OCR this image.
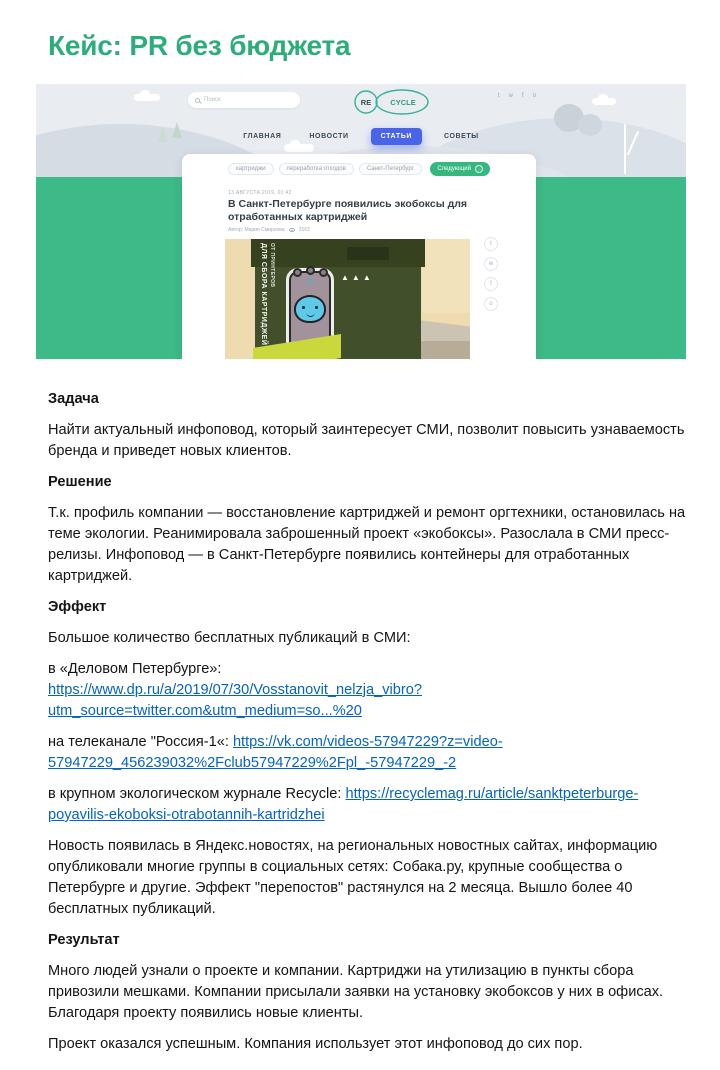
Кейс: PR без бюджета
Поиск	RE	CYCLE
t w f o
ГЛАВНАЯ	НОВОСТИ	СТАТЬИ	СОВЕТЫ
картриджи	переработка отходов	Санкт-Петербург	Следующий	→
13 АВГУСТА 2019, 01:42
В Санкт-Петербурге появились экобоксы для отработанных картриджей
Автор: Мария Смирнова	3163
ДЛЯ СБОРА КАРТРИДЖЕЙ ОТ ПРИНТЕРОВ	▲▲▲
C
t
w
f
o
Задача

Найти актуальный инфоповод, который заинтересует СМИ, позволит повысить узнаваемость бренда и приведет новых клиентов.

Решение

Т.к. профиль компании — восстановление картриджей и ремонт оргтехники, остановилась на теме экологии. Реанимировала заброшенный проект «экобоксы». Разослала в СМИ пресс-релизы. Инфоповод — в Санкт-Петербурге появились контейнеры для отработанных картриджей.

Эффект

Большое количество бесплатных публикаций в СМИ:

в «Деловом Петербурге»:
https://www.dp.ru/a/2019/07/30/Vosstanovit_nelzja_vibro?utm_source=twitter.com&utm_medium=so...%20

на телеканале "Россия-1«: https://vk.com/videos-57947229?z=video-57947229_456239032%2Fclub57947229%2Fpl_-57947229_-2

в крупном экологическом журнале Recycle: https://recyclemag.ru/article/sanktpeterburge-poyavilis-ekoboksi-otrabotannih-kartridzhei

Новость появилась в Яндекс.новостях, на региональных новостных сайтах, информацию опубликовали многие группы в социальных сетях: Собака.ру, крупные сообщества о Петербурге и другие. Эффект "перепостов" растянулся на 2 месяца. Вышло более 40 бесплатных публикаций.

Результат

Много людей узнали о проекте и компании. Картриджи на утилизацию в пункты сбора привозили мешками. Компании присылали заявки на установку экобоксов у них в офисах. Благодаря проекту появились новые клиенты.

Проект оказался успешным. Компания использует этот инфоповод до сих пор.
